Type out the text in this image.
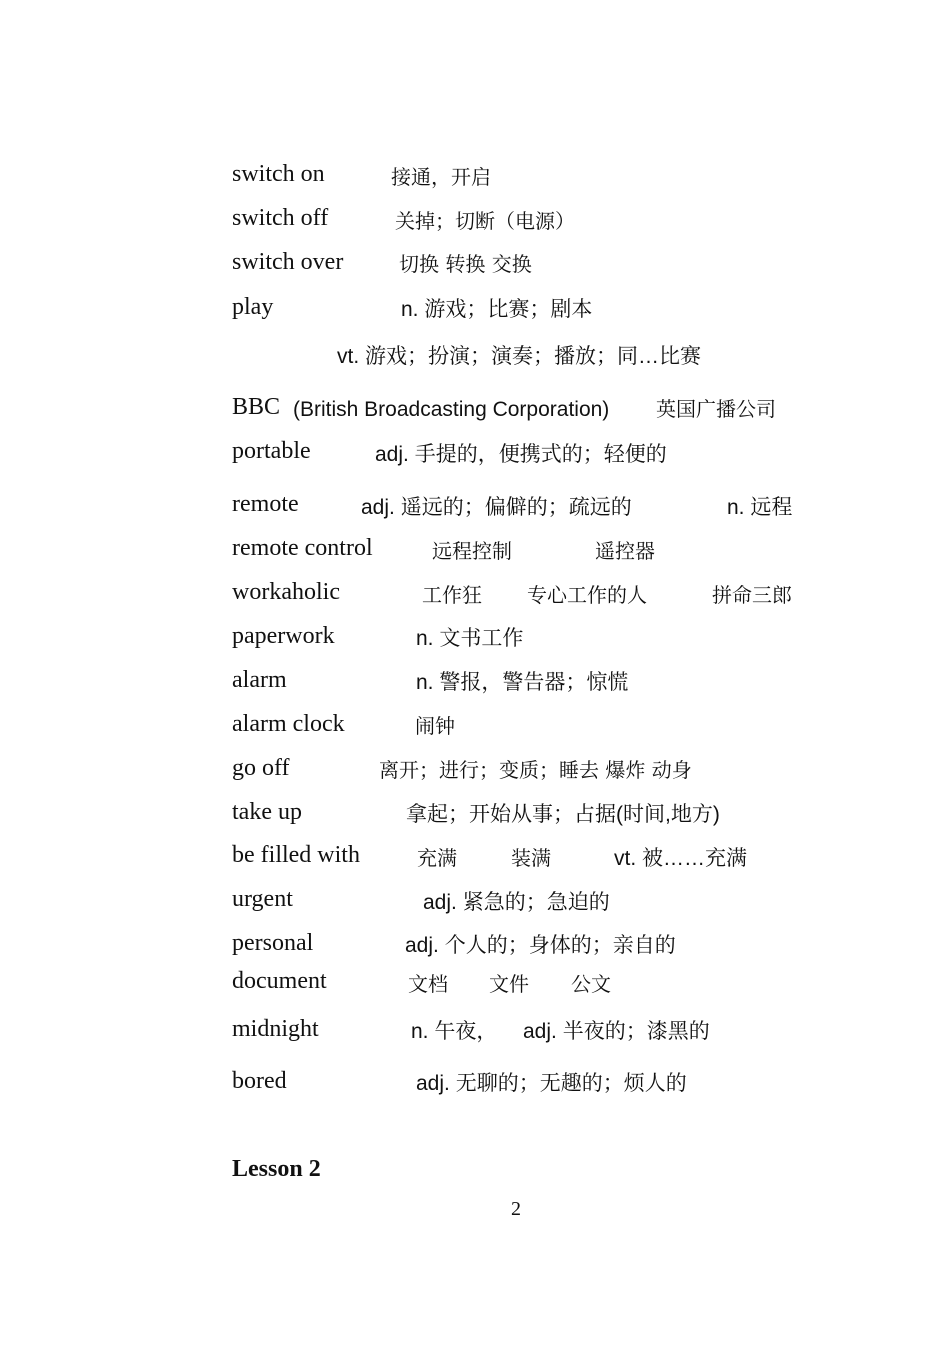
switch on	接通，开启
switch off	关掉；切断（电源）
switch over	切换 转换 交换
play	n. 游戏；比赛；剧本
vt. 游戏；扮演；演奏；播放；同…比赛
BBC (British Broadcasting Corporation) 英国广播公司
portable	adj. 手提的，便携式的；轻便的
remote	adj. 遥远的；偏僻的；疏远的	n. 远程
remote control	远程控制	遥控器
workaholic	工作狂 专心工作的人	拼命三郎
paperwork	n. 文书工作
alarm	n. 警报，警告器；惊慌
alarm clock	闹钟
go off	离开；进行；变质；睡去 爆炸 动身
take up	拿起；开始从事；占据(时间,地方)
be filled with	充满	装满	vt. 被……充满
urgent	adj. 紧急的；急迫的
personal	adj. 个人的；身体的；亲自的
document	文档 文件 公文
midnight	n. 午夜， adj. 半夜的；漆黑的
bored	adj. 无聊的；无趣的；烦人的
Lesson 2
2
